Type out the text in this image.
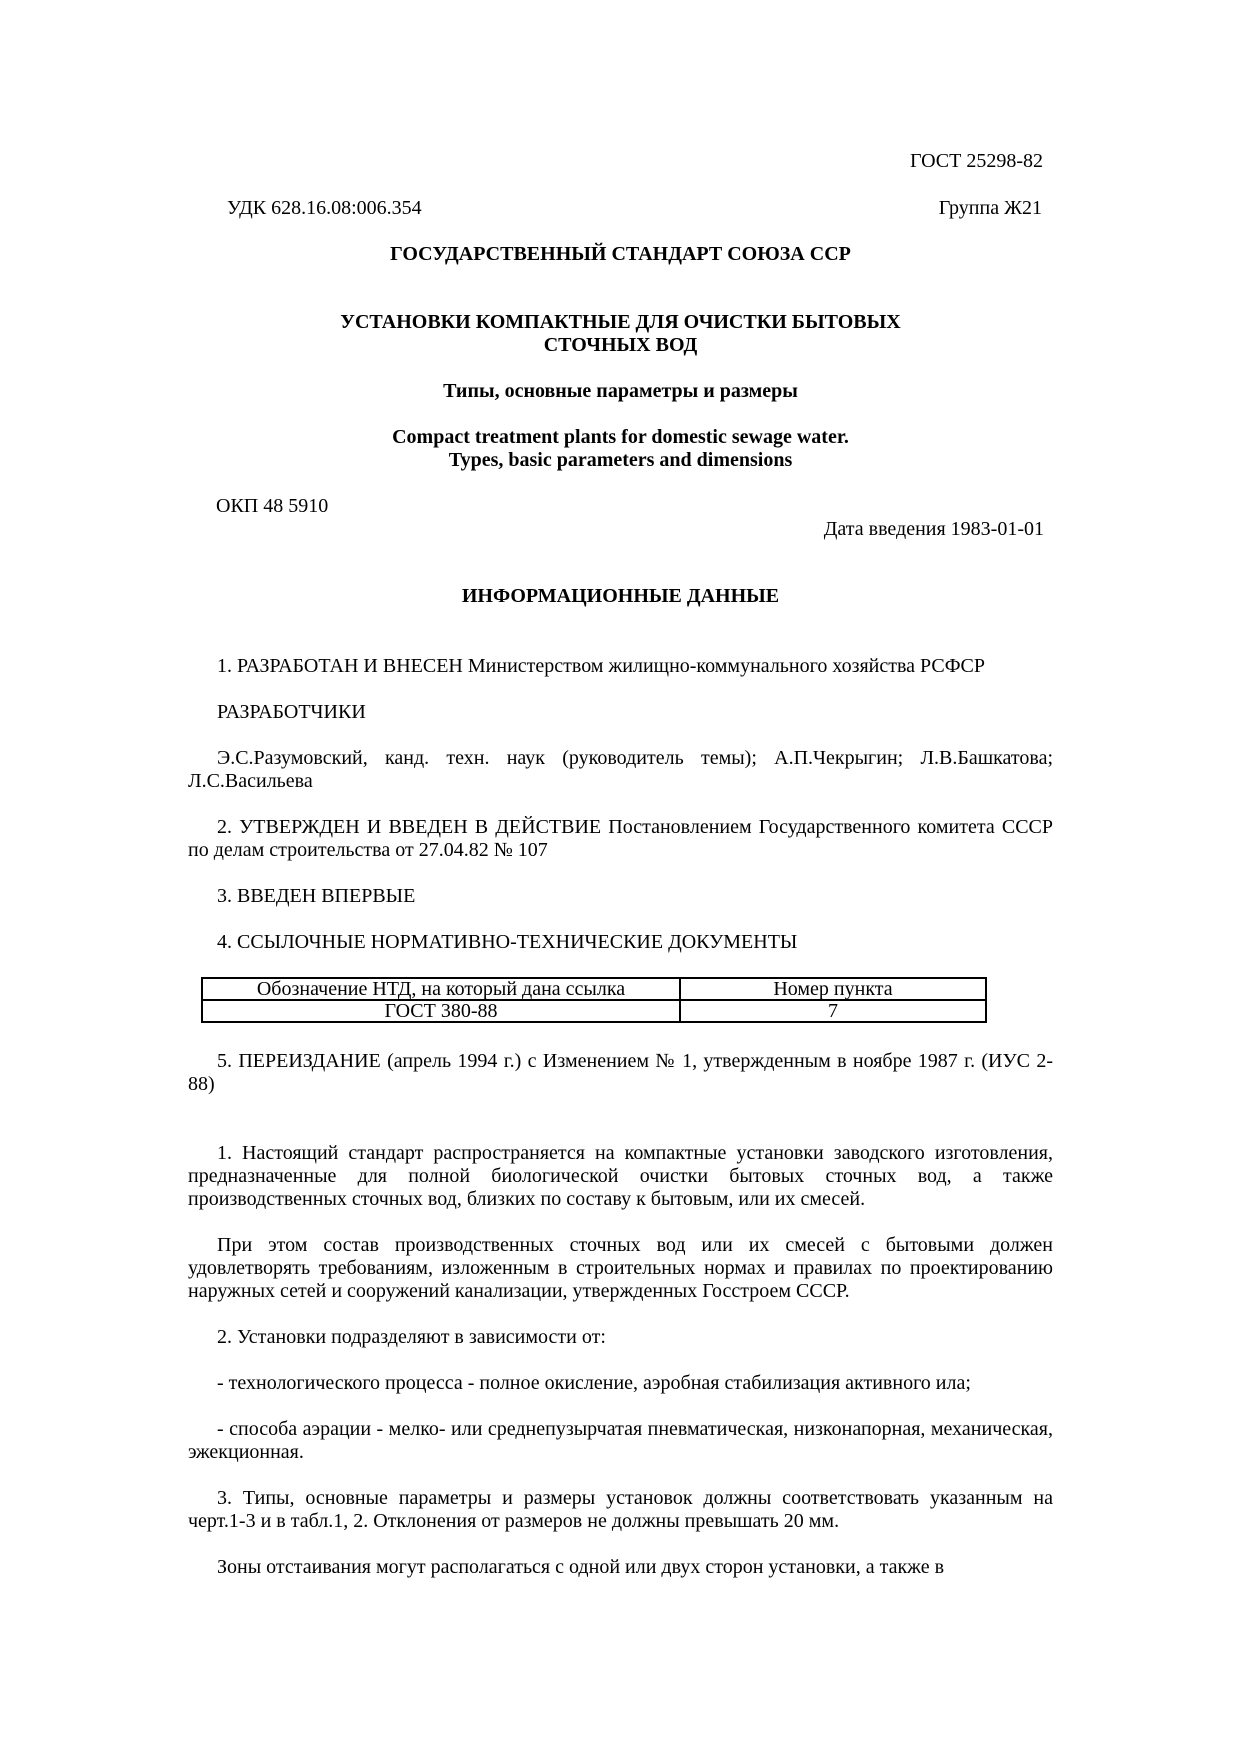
ГОСТ 25298-82

УДК 628.16.08:006.354	Группа Ж21

ГОСУДАРСТВЕННЫЙ СТАНДАРТ СОЮЗА ССР

УСТАНОВКИ КОМПАКТНЫЕ ДЛЯ ОЧИСТКИ БЫТОВЫХ

СТОЧНЫХ ВОД

Типы, основные параметры и размеры

Compact treatment plants for domestic sewage water.

Types, basic parameters and dimensions

ОКП 48 5910

Дата введения 1983-01-01

ИНФОРМАЦИОННЫЕ ДАННЫЕ

1. РАЗРАБОТАН И ВНЕСЕН Министерством жилищно-коммунального хозяйства РСФСР

РАЗРАБОТЧИКИ

Э.С.Разумовский, канд. техн. наук (руководитель темы); А.П.Чекрыгин; Л.В.Башкатова; Л.С.Васильева

2. УТВЕРЖДЕН И ВВЕДЕН В ДЕЙСТВИЕ Постановлением Государственного комитета СССР по делам строительства от 27.04.82 № 107

3. ВВЕДЕН ВПЕРВЫЕ

4. ССЫЛОЧНЫЕ НОРМАТИВНО-ТЕХНИЧЕСКИЕ ДОКУМЕНТЫ

Обозначение НТД, на который дана ссылка	Номер пункта
ГОСТ 380-88	7

5. ПЕРЕИЗДАНИЕ (апрель 1994 г.) с Изменением № 1, утвержденным в ноябре 1987 г. (ИУС 2-88)

1. Настоящий стандарт распространяется на компактные установки заводского изготовления, предназначенные для полной биологической очистки бытовых сточных вод, а также производственных сточных вод, близких по составу к бытовым, или их смесей.

При этом состав производственных сточных вод или их смесей с бытовыми должен удовлетворять требованиям, изложенным в строительных нормах и правилах по проектированию наружных сетей и сооружений канализации, утвержденных Госстроем СССР.

2. Установки подразделяют в зависимости от:

- технологического процесса - полное окисление, аэробная стабилизация активного ила;

- способа аэрации - мелко- или среднепузырчатая пневматическая, низконапорная, механическая, эжекционная.

3. Типы, основные параметры и размеры установок должны соответствовать указанным на черт.1-3 и в табл.1, 2. Отклонения от размеров не должны превышать 20 мм.

Зоны отстаивания могут располагаться с одной или двух сторон установки, а также в
